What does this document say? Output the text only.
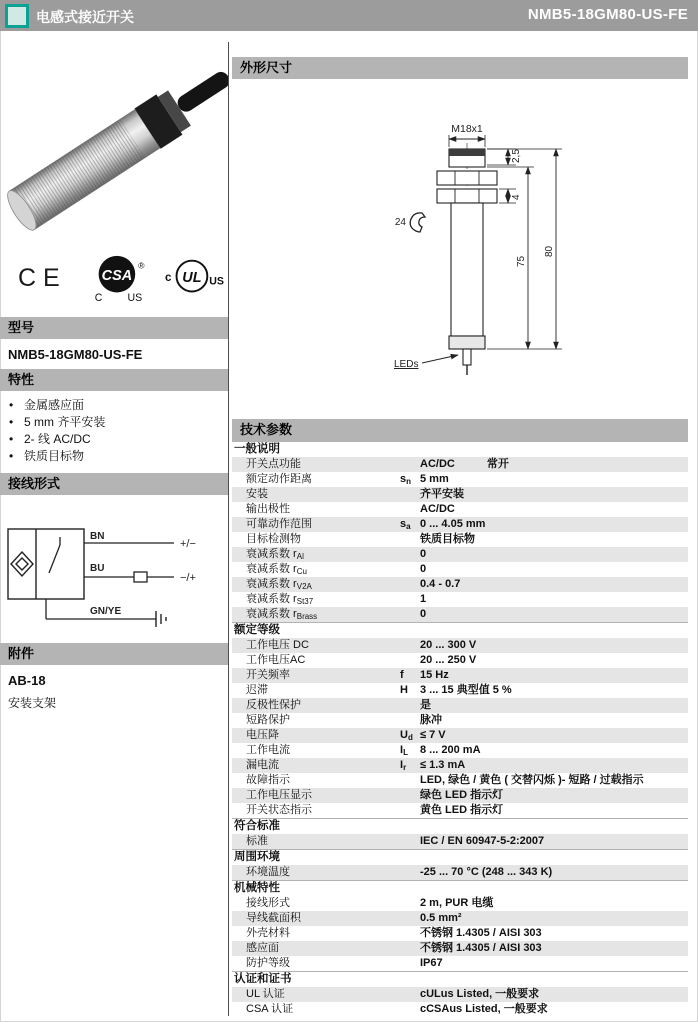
电感式接近开关	NMB5-18GM80-US-FE
CE CSA
®
C US
c UL US
型号
NMB5-18GM80-US-FE
特性
• 金属感应面
• 5 mm 齐平安装
• 2- 线 AC/DC
• 铁质目标物
接线形式
BN
+/−
BU
−/+
GN/YE
附件
AB-18
安装支架
外形尺寸
M18x1
24
2,5
4
75
80
LEDs
技术参数
一般说明
开关点功能	AC/DC	常开
额定动作距离	$s_n$ 5 mm
安装	齐平安装
输出极性	AC/DC
可靠动作范围	$s_a$ 0 ... 4.05 mm
目标检测物	铁质目标物
衰减系数 $r_{Al}$	0
衰减系数 $r_{Cu}$	0
衰减系数 $r_{V2A}$	0.4 - 0.7
衰减系数 $r_{St37}$	1
衰减系数 $r_{Brass}$	0
额定等级
工作电压 DC	20 ... 300 V
工作电压AC	20 ... 250 V
开关频率	f 15 Hz
迟滞	H 3 ... 15 典型值 5 %
反极性保护	是
短路保护	脉冲
电压降	$U_d \le 7$ V
工作电流	$I_L$ 8 ... 200 mA
漏电流	$I_r \le 1.3$ mA
故障指示	LED, 绿色 / 黄色 ( 交替闪烁 )- 短路 / 过载指示
工作电压显示	绿色 LED 指示灯
开关状态指示	黄色 LED 指示灯
符合标准
标准	IEC / EN 60947-5-2:2007
周围环境
环境温度	-25 ... 70 °C (248 ... 343 K)
机械特性
接线形式	2 m, PUR 电缆
导线截面积	0.5 mm²
外壳材料	不锈钢 1.4305 / AISI 303
感应面	不锈钢 1.4305 / AISI 303
防护等级	IP67
认证和证书
UL 认证	cULus Listed, 一般要求
CSA 认证	cCSAus Listed, 一般要求
